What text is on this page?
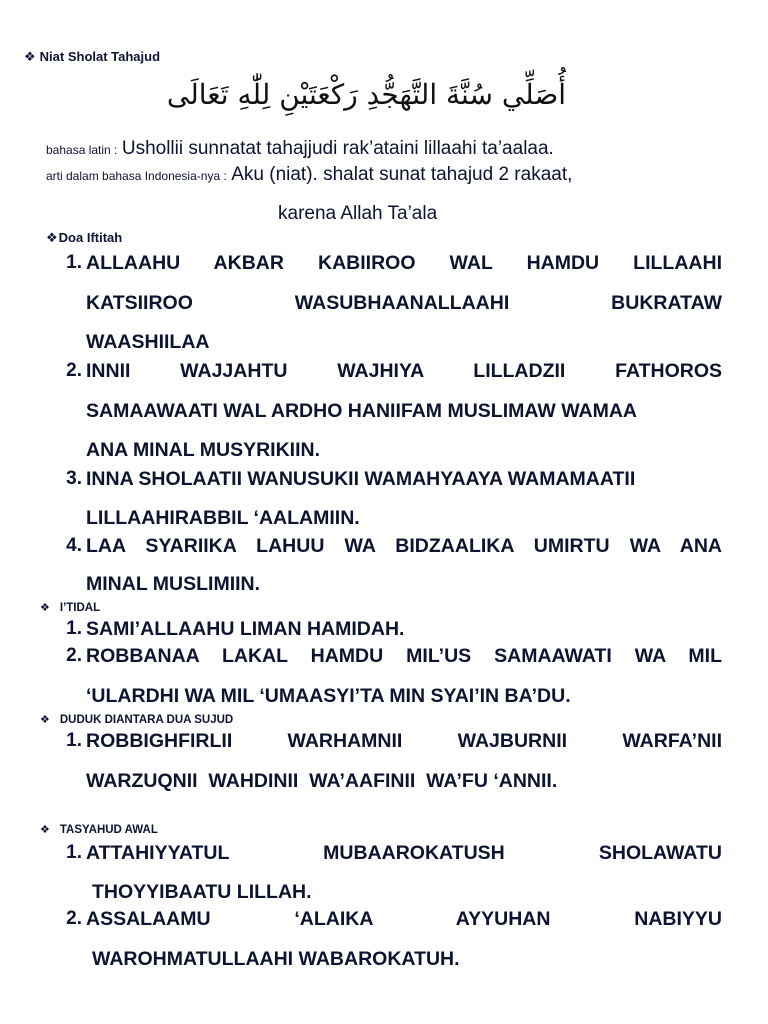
❖ Niat Sholat Tahajud
أُصَلِّي سُنَّةَ التَّهَجُّدِ رَكْعَتَيْنِ لِلّٰهِ تَعَالَى
bahasa latin : Ushollii sunnatat tahajjudi rak’ataini lillaahi ta’aalaa.
arti dalam bahasa Indonesia-nya : Aku (niat). shalat sunat tahajud 2 rakaat,
karena Allah Ta’ala
❖Doa Iftitah
1. ALLAAHU AKBAR KABIIROO WAL HAMDU LILLAAHI
KATSIIROO WASUBHAANALLAAHI BUKRATAW
WAASHIILAA
2. INNII WAJJAHTU WAJHIYA LILLADZII FATHOROS
SAMAAWAATI WAL ARDHO HANIIFAM MUSLIMAW WAMAA
ANA MINAL MUSYRIKIIN.
3. INNA SHOLAATII WANUSUKII WAMAHYAAYA WAMAMAATII
LILLAAHIRABBIL ‘AALAMIIN.
4. LAA SYARIIKA LAHUU WA BIDZAALIKA UMIRTU WA ANA
MINAL MUSLIMIIN.
❖ I’TIDAL
1. SAMI’ALLAAHU LIMAN HAMIDAH.
2. ROBBANAA LAKAL HAMDU MIL’US SAMAAWATI WA MIL
‘ULARDHI WA MIL ‘UMAASYI’TA MIN SYAI’IN BA’DU.
❖ DUDUK DIANTARA DUA SUJUD
1. ROBBIGHFIRLII WARHAMNII WAJBURNII WARFA’NII
WARZUQNII  WAHDINII  WA’AAFINII  WA’FU ‘ANNII.
❖ TASYAHUD AWAL
1. ATTAHIYYATUL MUBAAROKATUSH SHOLAWATU
THOYYIBAATU LILLAH.
2. ASSALAAMU ‘ALAIKA AYYUHAN NABIYYU
WAROHMATULLAAHI WABAROKATUH.
